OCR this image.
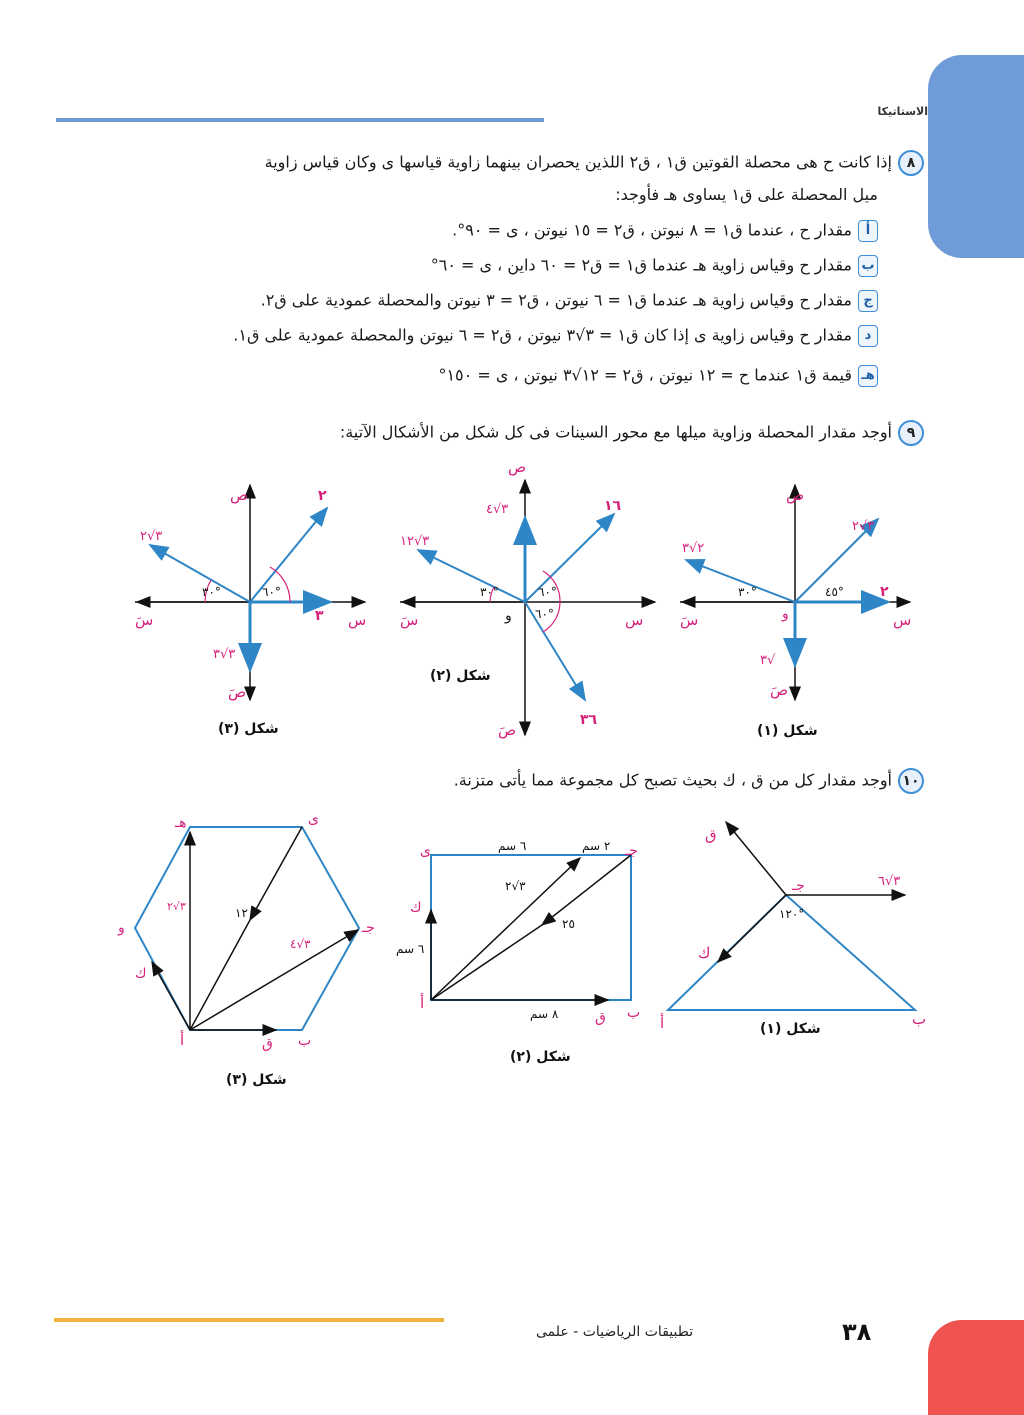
الاستاتيكا
٨إذا كانت ح هى محصلة القوتين ق١ ، ق٢ اللذين يحصران بينهما زاوية قياسها ى وكان قياس زاوية
ميل المحصلة على ق١ يساوى هـ فأوجد:
أمقدار ح ، عندما ق١ = ٨ نيوتن ، ق٢ = ١٥ نيوتن ، ى = ٩٠°.
بمقدار ح وقياس زاوية هـ عندما ق١ = ق٢ = ٦٠ داين ، ى = ٦٠°
جمقدار ح وقياس زاوية هـ عندما ق١ = ٦ نيوتن ، ق٢ = ٣ نيوتن والمحصلة عمودية على ق٢.
دمقدار ح وقياس زاوية ى إذا كان ق١ = ٣√٣ نيوتن ، ق٢ = ٦ نيوتن والمحصلة عمودية على ق١.
هـقيمة ق١ عندما ح = ١٢ نيوتن ، ق٢ = ١٢√٣ نيوتن ، ى = ١٥٠°
٩أوجد مقدار المحصلة وزاوية ميلها مع محور السينات فى كل شكل من الأشكال الآتية:
ص
صَ
س
سَ	و
٢
٣√٢
٢√٣
٣√
٤٥°
٣٠°
شكل (١)
ص
صَ
س
سَ	و
١٦
٣√٤
٣√١٢
٣٦
٦٠°
٣٠°
٦٠°
شكل (٢)
ص
صَ
س
سَ
٢
٣
٣√٢
٣√٣
٦٠°
٣٠°
شكل (٣)
١٠أوجد مقدار كل من ق ، ك بحيث تصبح كل مجموعة مما يأتى متزنة.
ق
جـ	٣√٦
١٢٠°
ك
أ	ب
شكل (١)
ى	جـ
أ
ب
ق
ك
٦ سم	٢ سم
٦ سم
٨ سم
٣√٢
٢٥
شكل (٢)
هـ	ى
جـ
و
أ	ب
ق
ك
١٢
٣√٤
٣√٢
شكل (٣)
تطبيقات الرياضيات - علمى	٣٨
